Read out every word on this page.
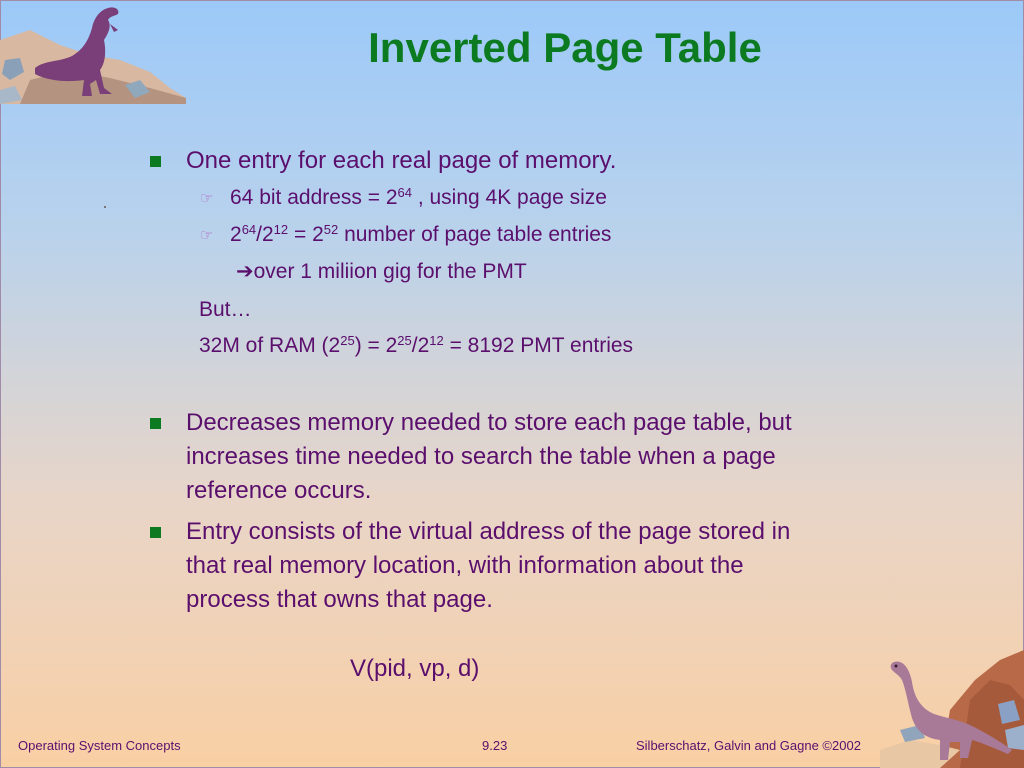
Inverted Page Table
One entry for each real page of memory.
☞ 64 bit address = $2^{64}$ , using 4K page size
☞ $2^{64}/2^{12} = 2^{52}$ number of page table entries
➔over 1 miliion gig for the PMT
But…
32M of RAM $(2^{25}) = 2^{25}/2^{12} = 8192$ PMT entries
Decreases memory needed to store each page table, but
increases time needed to search the table when a page
reference occurs.
Entry consists of the virtual address of the page stored in
that real memory location, with information about the
process that owns that page.
V(pid, vp, d)
Operating System Concepts	9.23	Silberschatz, Galvin and Gagne ©2002
